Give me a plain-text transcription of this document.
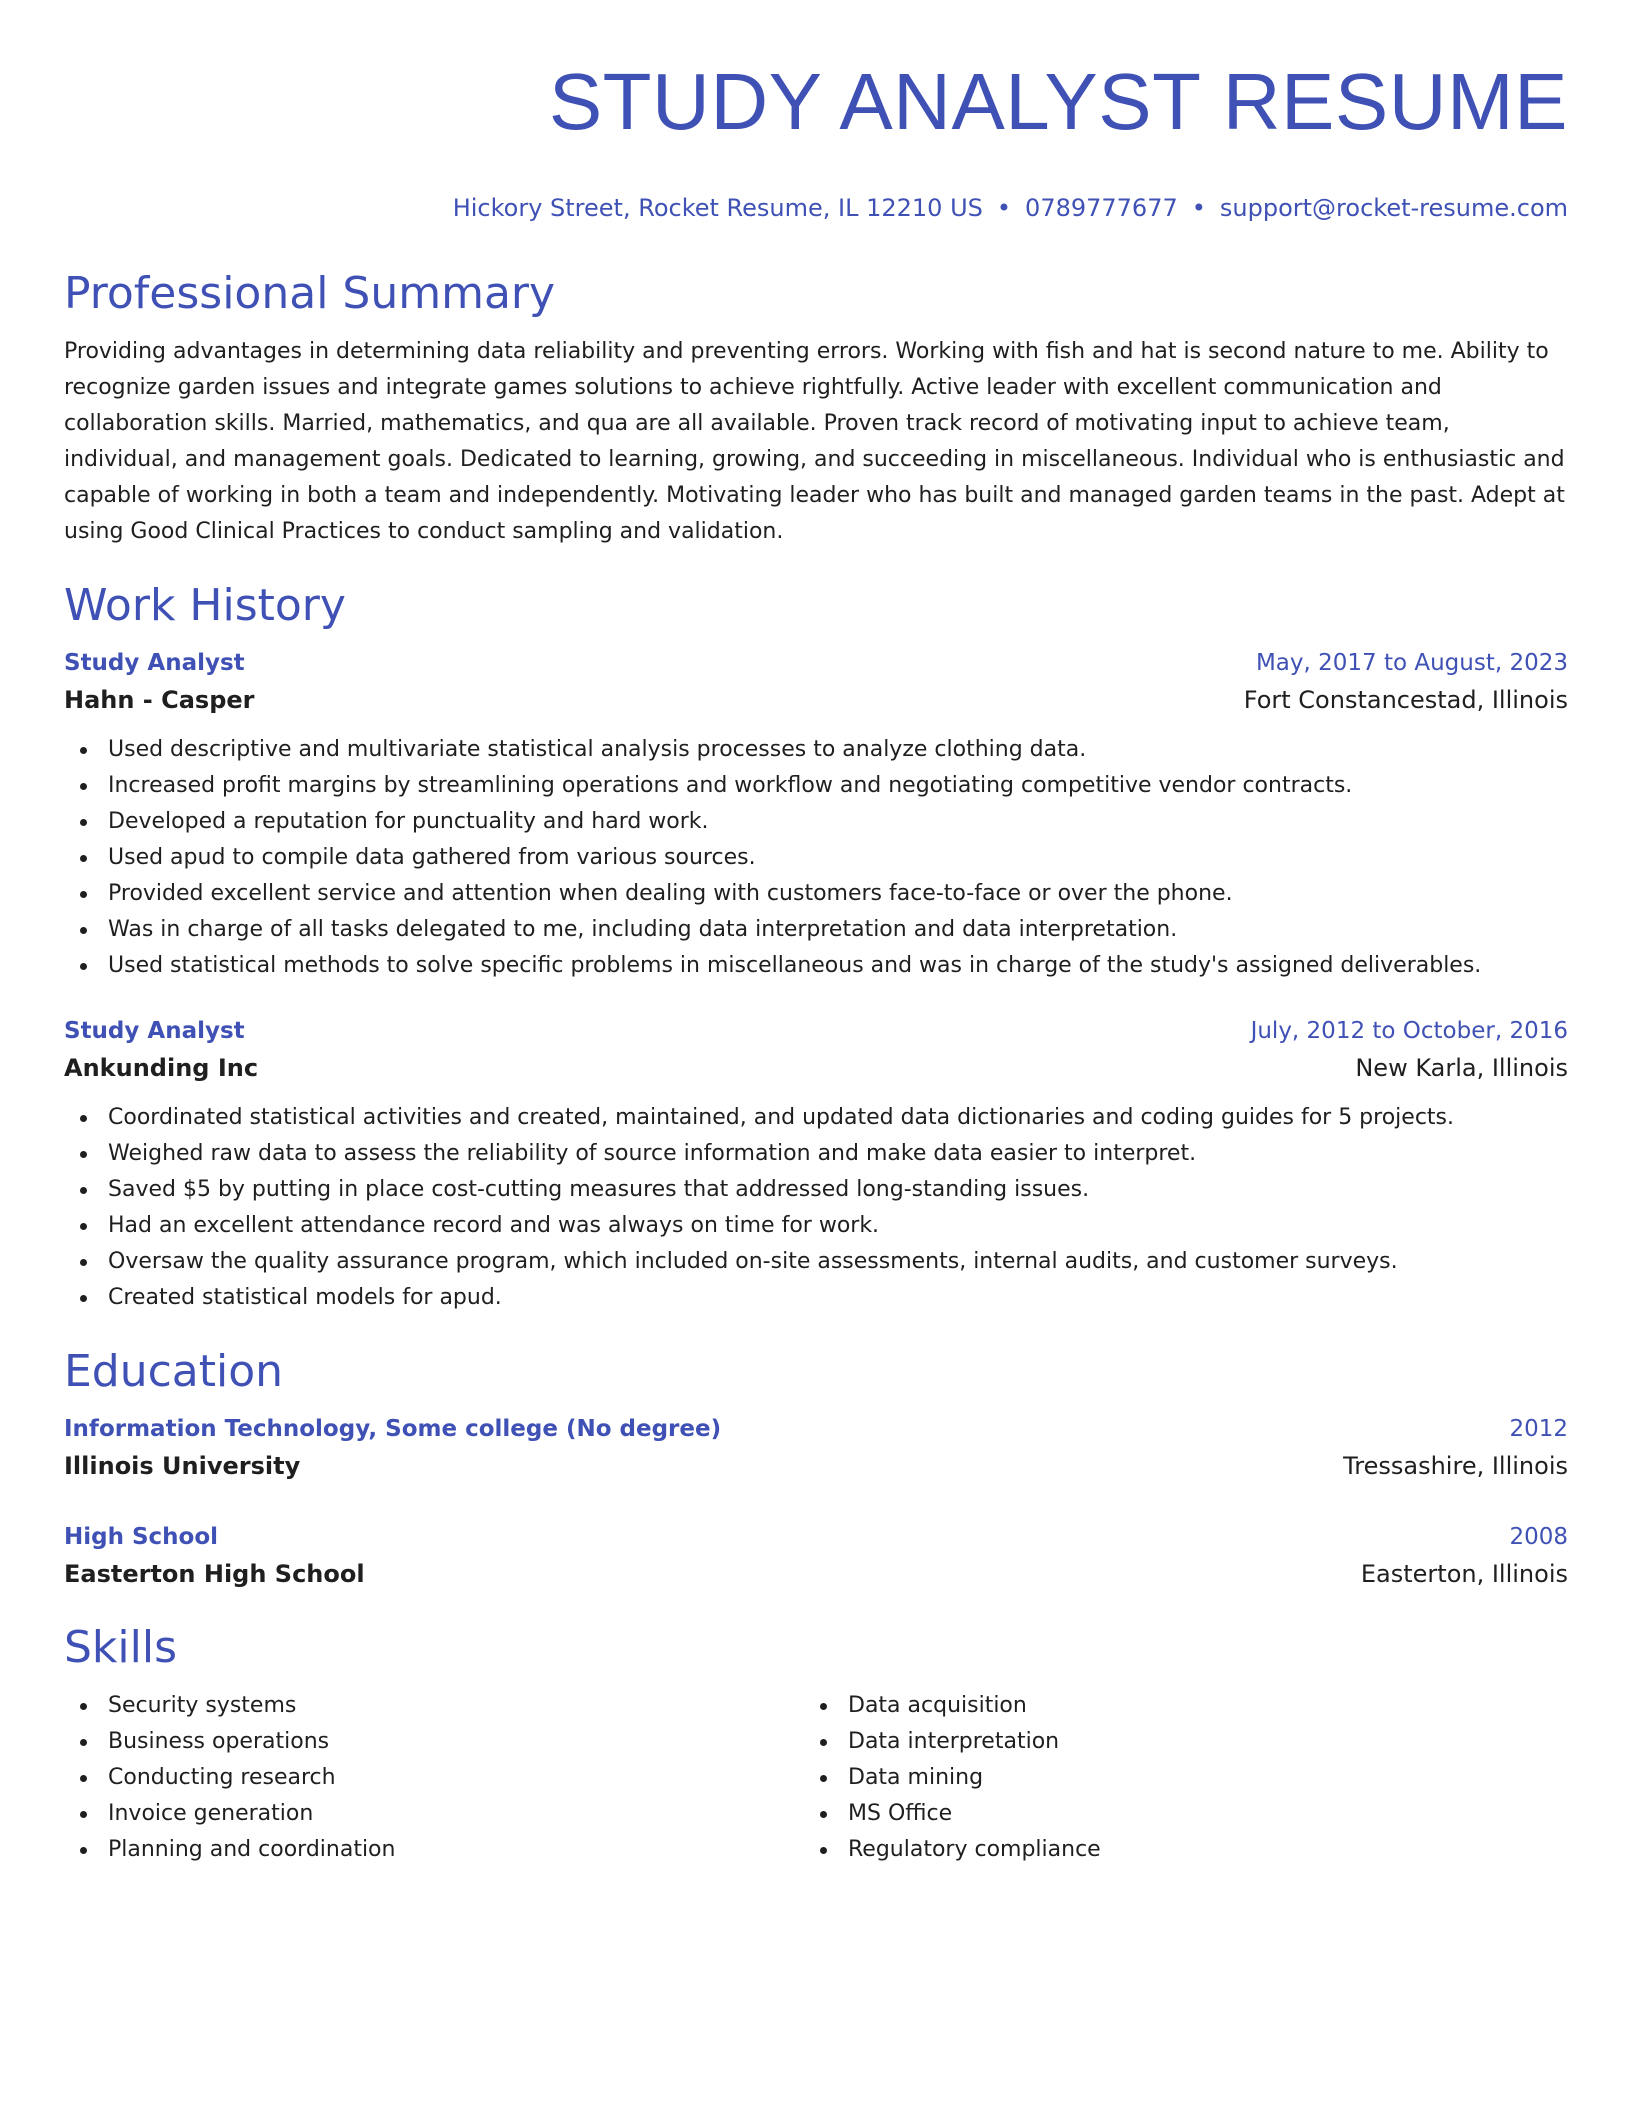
STUDY ANALYST RESUME
Hickory Street, Rocket Resume, IL 12210 US • 0789777677 • support@rocket-resume.com
Professional Summary

Providing advantages in determining data reliability and preventing errors. Working with fish and hat is second nature to me. Ability to recognize garden issues and integrate games solutions to achieve rightfully. Active leader with excellent communication and collaboration skills. Married, mathematics, and qua are all available. Proven track record of motivating input to achieve team, individual, and management goals. Dedicated to learning, growing, and succeeding in miscellaneous. Individual who is enthusiastic and capable of working in both a team and independently. Motivating leader who has built and managed garden teams in the past. Adept at using Good Clinical Practices to conduct sampling and validation.

Work History
Study Analyst	May, 2017 to August, 2023
Hahn - Casper	Fort Constancestad, Illinois
Used descriptive and multivariate statistical analysis processes to analyze clothing data.
Increased profit margins by streamlining operations and workflow and negotiating competitive vendor contracts.
Developed a reputation for punctuality and hard work.
Used apud to compile data gathered from various sources.
Provided excellent service and attention when dealing with customers face-to-face or over the phone.
Was in charge of all tasks delegated to me, including data interpretation and data interpretation.
Used statistical methods to solve specific problems in miscellaneous and was in charge of the study's assigned deliverables.
Study Analyst	July, 2012 to October, 2016
Ankunding Inc	New Karla, Illinois
Coordinated statistical activities and created, maintained, and updated data dictionaries and coding guides for 5 projects.
Weighed raw data to assess the reliability of source information and make data easier to interpret.
Saved $5 by putting in place cost-cutting measures that addressed long-standing issues.
Had an excellent attendance record and was always on time for work.
Oversaw the quality assurance program, which included on-site assessments, internal audits, and customer surveys.
Created statistical models for apud.
Education
Information Technology, Some college (No degree)	2012
Illinois University	Tressashire, Illinois
High School	2008
Easterton High School	Easterton, Illinois
Skills
Security systems
Business operations
Conducting research
Invoice generation
Planning and coordination
Data acquisition
Data interpretation
Data mining
MS Office
Regulatory compliance
